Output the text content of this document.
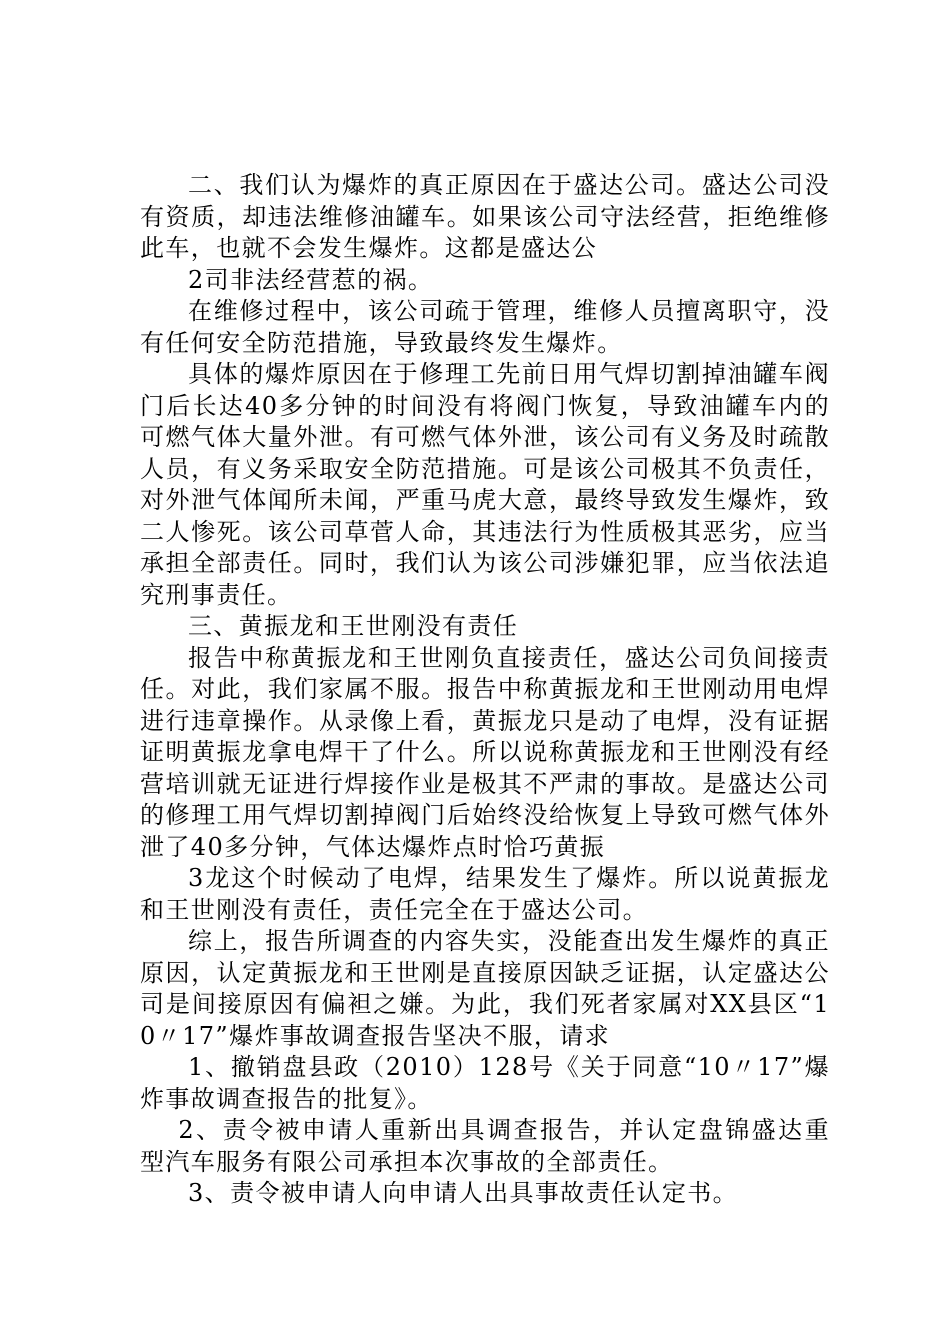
二、我们认为爆炸的真正原因在于盛达公司。盛达公司没有资质，却违法维修油罐车。如果该公司守法经营，拒绝维修此车，也就不会发生爆炸。这都是盛达公

2司非法经营惹的祸。

在维修过程中，该公司疏于管理，维修人员擅离职守，没有任何安全防范措施，导致最终发生爆炸。

具体的爆炸原因在于修理工先前日用气焊切割掉油罐车阀门后长达40多分钟的时间没有将阀门恢复，导致油罐车内的可燃气体大量外泄。有可燃气体外泄，该公司有义务及时疏散人员，有义务采取安全防范措施。可是该公司极其不负责任，对外泄气体闻所未闻，严重马虎大意，最终导致发生爆炸，致二人惨死。该公司草菅人命，其违法行为性质极其恶劣，应当承担全部责任。同时，我们认为该公司涉嫌犯罪，应当依法追究刑事责任。

三、黄振龙和王世刚没有责任

报告中称黄振龙和王世刚负直接责任，盛达公司负间接责任。对此，我们家属不服。报告中称黄振龙和王世刚动用电焊进行违章操作。从录像上看，黄振龙只是动了电焊，没有证据证明黄振龙拿电焊干了什么。所以说称黄振龙和王世刚没有经营培训就无证进行焊接作业是极其不严肃的事故。是盛达公司的修理工用气焊切割掉阀门后始终没给恢复上导致可燃气体外泄了40多分钟，气体达爆炸点时恰巧黄振

3龙这个时候动了电焊，结果发生了爆炸。所以说黄振龙和王世刚没有责任，责任完全在于盛达公司。

综上，报告所调查的内容失实，没能查出发生爆炸的真正原因，认定黄振龙和王世刚是直接原因缺乏证据，认定盛达公司是间接原因有偏袒之嫌。为此，我们死者家属对XX县区“10〃17”爆炸事故调查报告坚决不服，请求

1、撤销盘县政（2010）128号《关于同意“10〃17”爆炸事故调查报告的批复》。

2、责令被申请人重新出具调查报告，并认定盘锦盛达重型汽车服务有限公司承担本次事故的全部责任。

3、责令被申请人向申请人出具事故责任认定书。
